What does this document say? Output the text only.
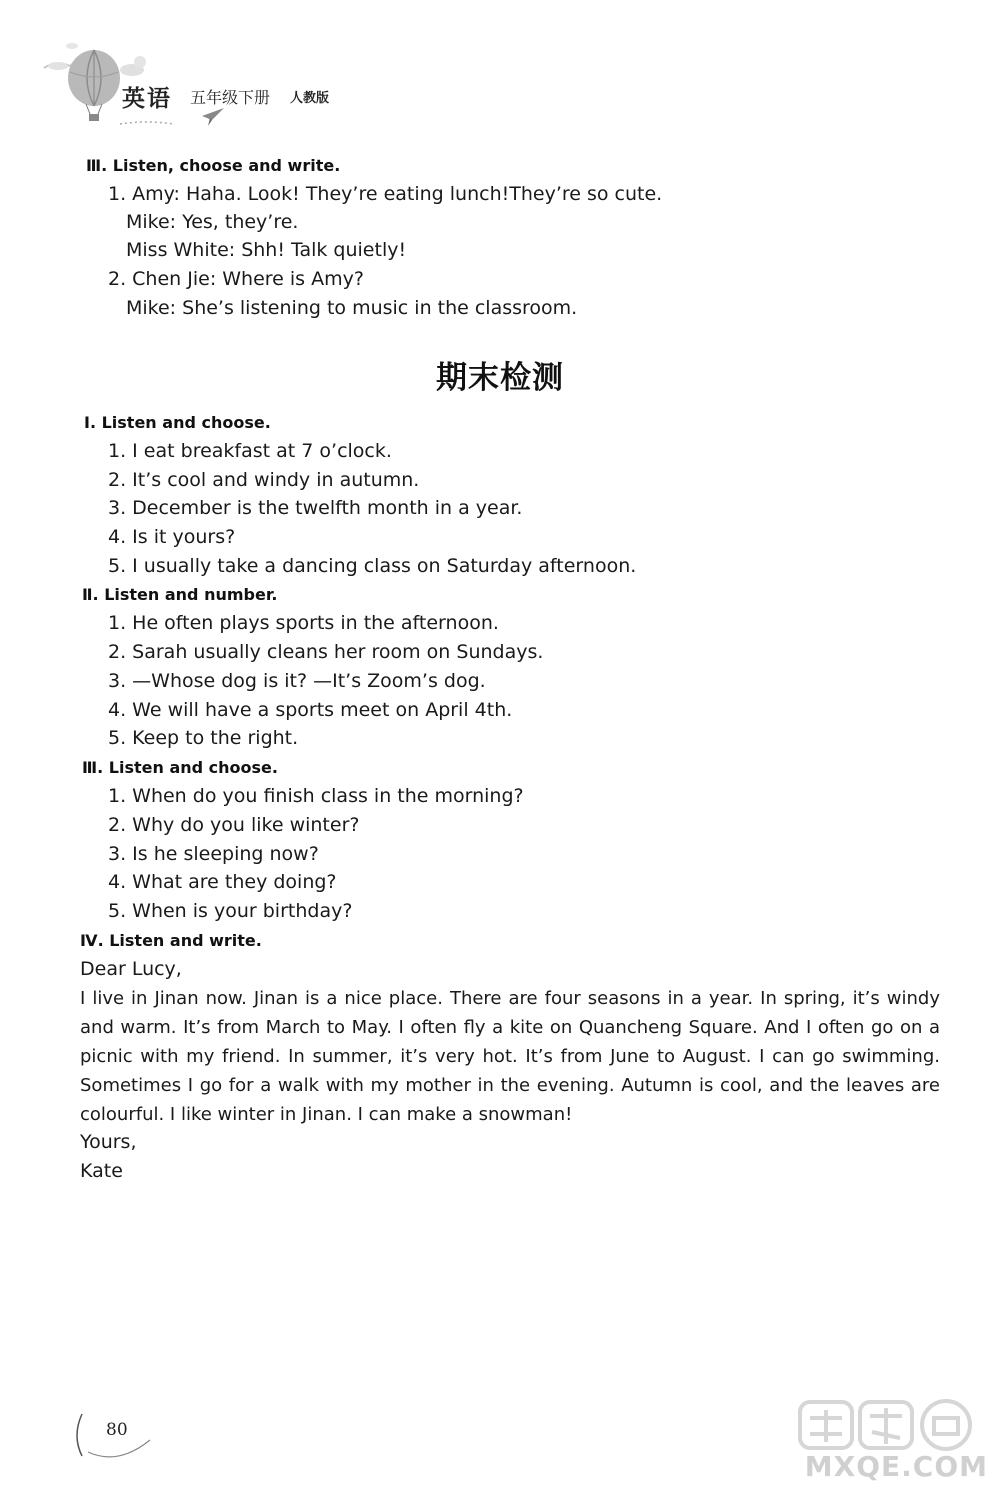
英语 五年级下册 人教版
Ⅲ. Listen, choose and write.
1. Amy: Haha. Look! They’re eating lunch!They’re so cute.
Mike: Yes, they’re.
Miss White: Shh! Talk quietly!
2. Chen Jie: Where is Amy?
Mike: She’s listening to music in the classroom.
期末检测
Ⅰ. Listen and choose.
1. I eat breakfast at 7 o’clock.
2. It’s cool and windy in autumn.
3. December is the twelfth month in a year.
4. Is it yours?
5. I usually take a dancing class on Saturday afternoon.
Ⅱ. Listen and number.
1. He often plays sports in the afternoon.
2. Sarah usually cleans her room on Sundays.
3. —Whose dog is it? —It’s Zoom’s dog.
4. We will have a sports meet on April 4th.
5. Keep to the right.
Ⅲ. Listen and choose.
1. When do you finish class in the morning?
2. Why do you like winter?
3. Is he sleeping now?
4. What are they doing?
5. When is your birthday?
Ⅳ. Listen and write.
Dear Lucy,
I live in Jinan now. Jinan is a nice place. There are four seasons in a year. In spring, it’s windy and warm. It’s from March to May. I often fly a kite on Quancheng Square. And I often go on a picnic with my friend. In summer, it’s very hot. It’s from June to August. I can go swimming. Sometimes I go for a walk with my mother in the evening. Autumn is cool, and the leaves are colourful. I like winter in Jinan. I can make a snowman!
Yours,
Kate
80
MXQE.COM
